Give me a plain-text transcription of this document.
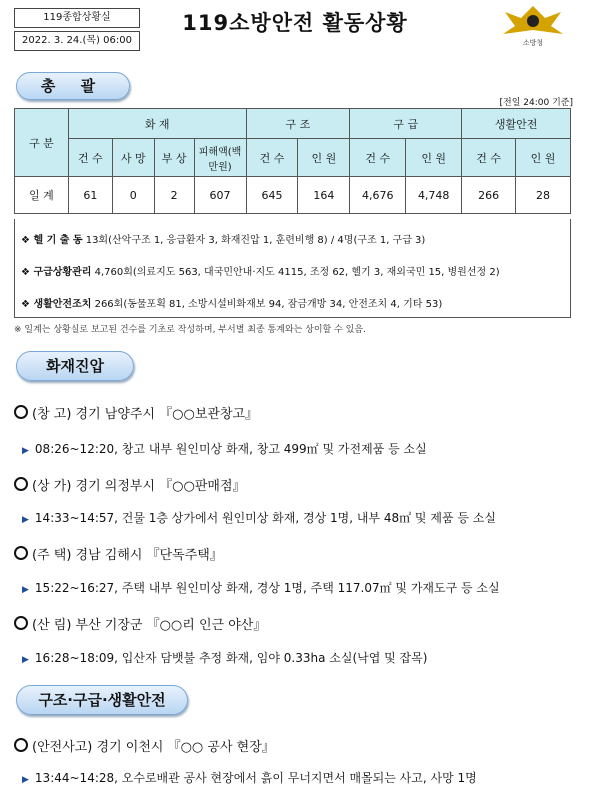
119종합상황실
2022. 3. 24.(목) 06:00
119소방안전 활동상황
소방청
총 괄
[전일 24:00 기준]
구 분	화 재				구 조		구 급		생활안전	
	건 수	사 망	부 상	피해액(백만원)	건 수	인 원	건 수	인 원	건 수	인 원
일 계	61	0	2	607	645	164	4,676	4,748	266	28
❖ 헬 기 출 동 13회(산악구조 1, 응급환자 3, 화재진압 1, 훈련비행 8) / 4명(구조 1, 구급 3)
❖ 구급상황관리 4,760회(의료지도 563, 대국민안내‧지도 4115, 조정 62, 헬기 3, 재외국민 15, 병원선정 2)
❖ 생활안전조치 266회(동물포획 81, 소방시설비화재보 94, 잠금개방 34, 안전조치 4, 기타 53)
※ 일계는 상황실로 보고된 건수를 기초로 작성하며, 부서별 최종 통계와는 상이할 수 있음.
화재진압
(창 고) 경기 남양주시 『○○보관창고』
▶ 08:26~12:20, 창고 내부 원인미상 화재, 창고 499㎡ 및 가전제품 등 소실
(상 가) 경기 의정부시 『○○판매점』
▶ 14:33~14:57, 건물 1층 상가에서 원인미상 화재, 경상 1명, 내부 48㎡ 및 제품 등 소실
(주 택) 경남 김해시 『단독주택』
▶ 15:22~16:27, 주택 내부 원인미상 화재, 경상 1명, 주택 117.07㎡ 및 가재도구 등 소실
(산 림) 부산 기장군 『○○리 인근 야산』
▶ 16:28~18:09, 입산자 담뱃불 추정 화재, 임야 0.33ha 소실(낙엽 및 잡목)
구조·구급·생활안전
(안전사고) 경기 이천시 『○○ 공사 현장』
▶ 13:44~14:28, 오수로배관 공사 현장에서 흙이 무너지면서 매몰되는 사고, 사망 1명
